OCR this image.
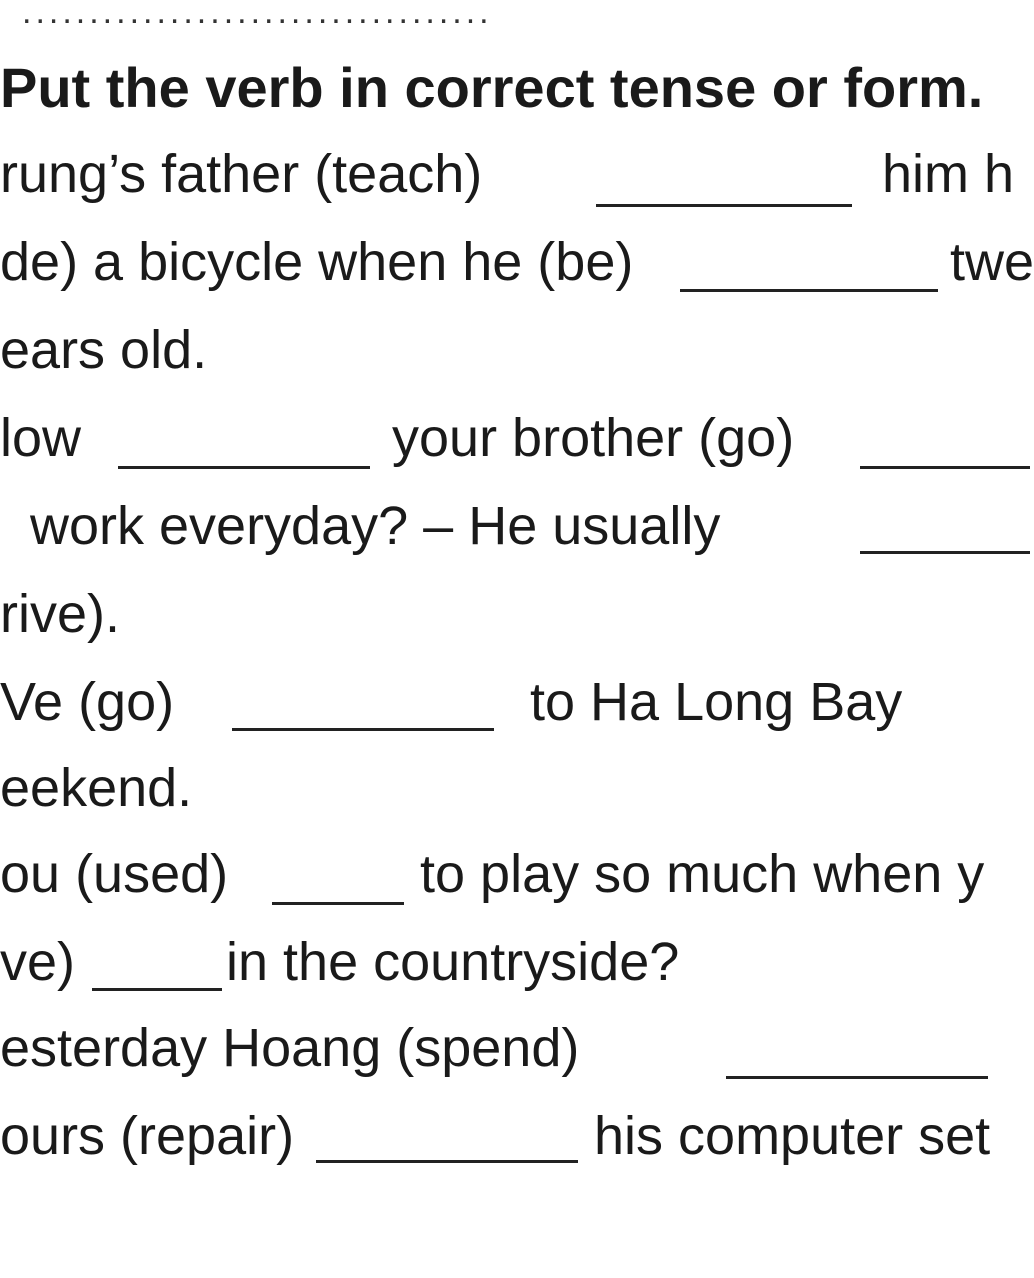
...................................
Put the verb in correct tense or form.
rung’s father (teach)	him h
de) a bicycle when he (be)	twe
ears old.
low	your brother (go)
work everyday? – He usually
rive).
Ve (go)	to Ha Long Bay
eekend.
ou (used)	to play so much when y
ve)	in the countryside?
esterday Hoang (spend)
ours (repair)	his computer set
